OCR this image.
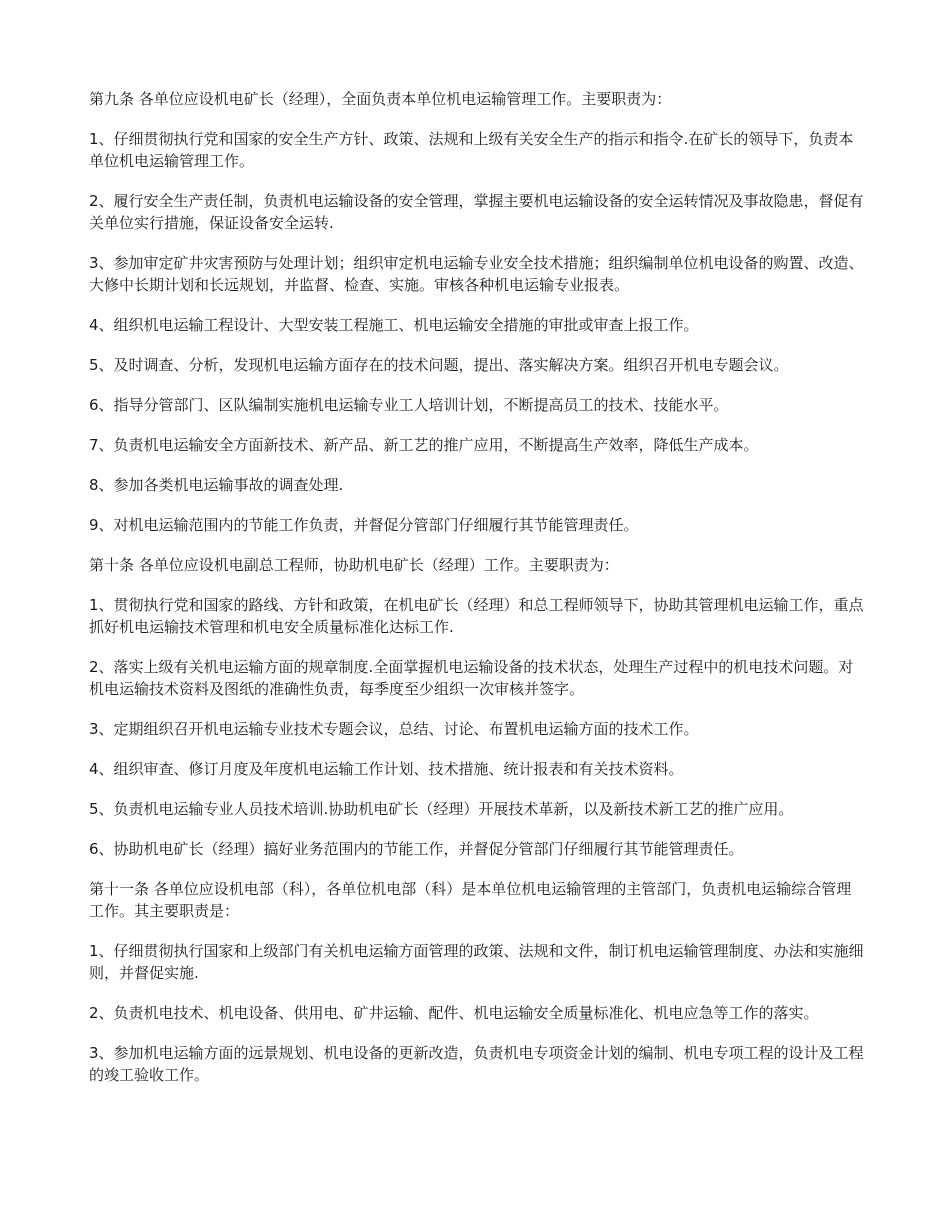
第九条 各单位应设机电矿长（经理），全面负责本单位机电运输管理工作。主要职责为：

1、仔细贯彻执行党和国家的安全生产方针、政策、法规和上级有关安全生产的指示和指令.在矿长的领导下，负责本单位机电运输管理工作。

2、履行安全生产责任制，负责机电运输设备的安全管理，掌握主要机电运输设备的安全运转情况及事故隐患，督促有关单位实行措施，保证设备安全运转.

3、参加审定矿井灾害预防与处理计划；组织审定机电运输专业安全技术措施；组织编制单位机电设备的购置、改造、大修中长期计划和长远规划，并监督、检查、实施。审核各种机电运输专业报表。

4、组织机电运输工程设计、大型安装工程施工、机电运输安全措施的审批或审查上报工作。

5、及时调查、分析，发现机电运输方面存在的技术问题，提出、落实解决方案。组织召开机电专题会议。

6、指导分管部门、区队编制实施机电运输专业工人培训计划，不断提高员工的技术、技能水平。

7、负责机电运输安全方面新技术、新产品、新工艺的推广应用，不断提高生产效率，降低生产成本。

8、参加各类机电运输事故的调查处理.

9、对机电运输范围内的节能工作负责，并督促分管部门仔细履行其节能管理责任。

第十条 各单位应设机电副总工程师，协助机电矿长（经理）工作。主要职责为：

1、贯彻执行党和国家的路线、方针和政策，在机电矿长（经理）和总工程师领导下，协助其管理机电运输工作，重点抓好机电运输技术管理和机电安全质量标准化达标工作.

2、落实上级有关机电运输方面的规章制度.全面掌握机电运输设备的技术状态，处理生产过程中的机电技术问题。对机电运输技术资料及图纸的准确性负责，每季度至少组织一次审核并签字。

3、定期组织召开机电运输专业技术专题会议，总结、讨论、布置机电运输方面的技术工作。

4、组织审查、修订月度及年度机电运输工作计划、技术措施、统计报表和有关技术资料。

5、负责机电运输专业人员技术培训.协助机电矿长（经理）开展技术革新，以及新技术新工艺的推广应用。

6、协助机电矿长（经理）搞好业务范围内的节能工作，并督促分管部门仔细履行其节能管理责任。

第十一条 各单位应设机电部（科），各单位机电部（科）是本单位机电运输管理的主管部门，负责机电运输综合管理工作。其主要职责是：

1、仔细贯彻执行国家和上级部门有关机电运输方面管理的政策、法规和文件，制订机电运输管理制度、办法和实施细则，并督促实施.

2、负责机电技术、机电设备、供用电、矿井运输、配件、机电运输安全质量标准化、机电应急等工作的落实。

3、参加机电运输方面的远景规划、机电设备的更新改造，负责机电专项资金计划的编制、机电专项工程的设计及工程的竣工验收工作。
